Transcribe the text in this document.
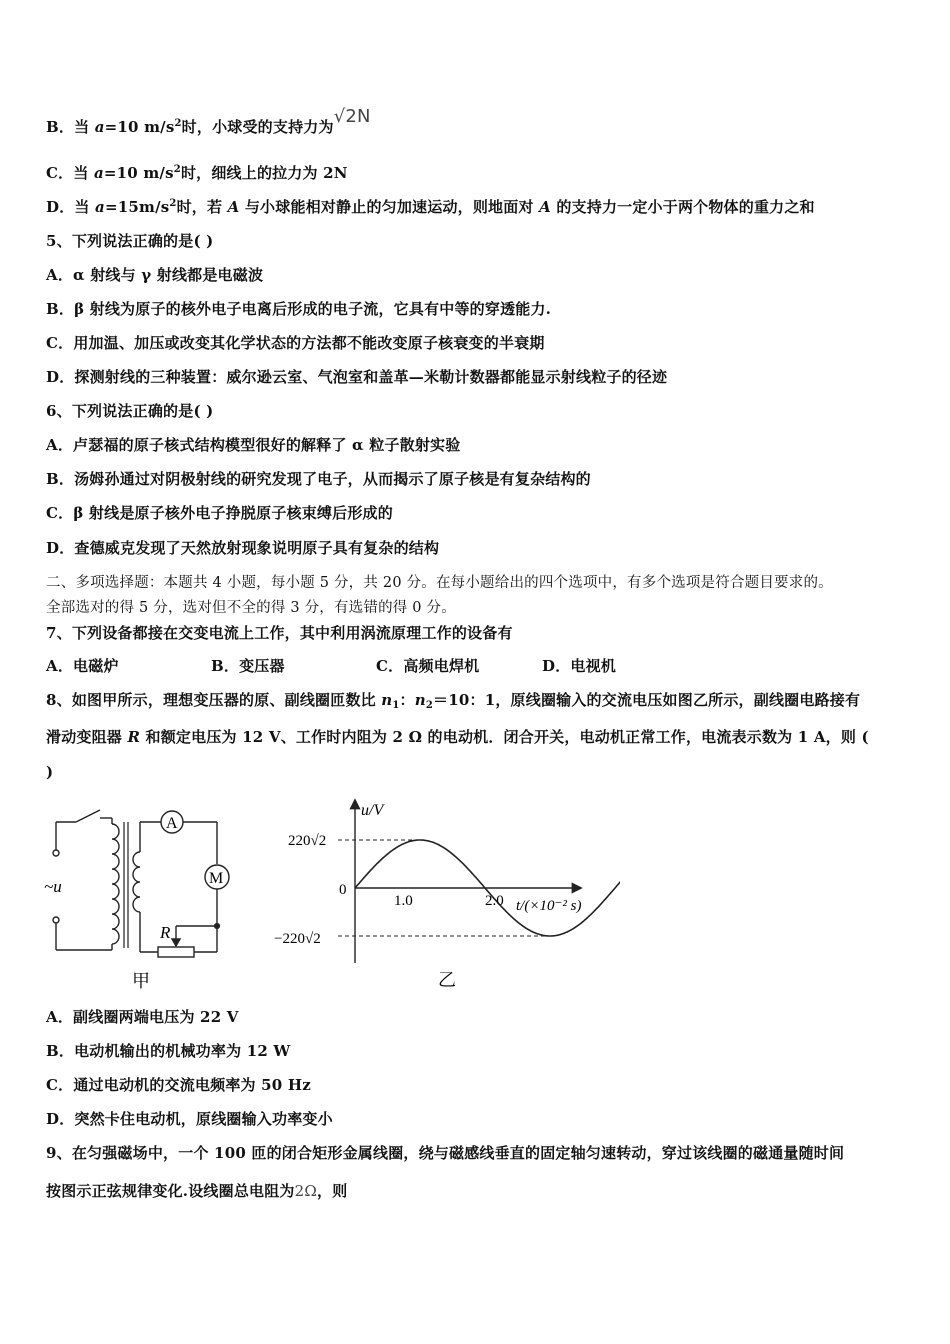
B．当 a=10 $m/s^2$时，小球受的支持力为√2N
C．当 a=10 $m/s^2$时，细线上的拉力为 2N
D．当 $a=15m/s^2$时，若 A 与小球能相对静止的匀加速运动，则地面对 A 的支持力一定小于两个物体的重力之和
5、下列说法正确的是( )
A．α 射线与 γ 射线都是电磁波
B．β 射线为原子的核外电子电离后形成的电子流，它具有中等的穿透能力.
C．用加温、加压或改变其化学状态的方法都不能改变原子核衰变的半衰期
D．探测射线的三种装置：威尔逊云室、气泡室和盖革—米勒计数器都能显示射线粒子的径迹
6、下列说法正确的是( )
A．卢瑟福的原子核式结构模型很好的解释了 α 粒子散射实验
B．汤姆孙通过对阴极射线的研究发现了电子，从而揭示了原子核是有复杂结构的
C．β 射线是原子核外电子挣脱原子核束缚后形成的
D．查德威克发现了天然放射现象说明原子具有复杂的结构
二、多项选择题：本题共 4 小题，每小题 5 分，共 20 分。在每小题给出的四个选项中，有多个选项是符合题目要求的。
全部选对的得 5 分，选对但不全的得 3 分，有选错的得 0 分。
7、下列设备都接在交变电流上工作，其中利用涡流原理工作的设备有
A．电磁炉	B．变压器	C．高频电焊机	D．电视机
8、如图甲所示，理想变压器的原、副线圈匝数比 $n_1$：$n_2=10$：1，原线圈输入的交流电压如图乙所示，副线圈电路接有
滑动变阻器 R 和额定电压为 12 V、工作时内阻为 2 Ω 的电动机．闭合开关，电动机正常工作，电流表示数为 1 A，则 (
)
~u
A
M
R
甲
u/V
220√2
0
−220√2
1.0	2.0 t/(×10⁻² s)
乙
A．副线圈两端电压为 22 V
B．电动机输出的机械功率为 12 W
C．通过电动机的交流电频率为 50 Hz
D．突然卡住电动机，原线圈输入功率变小
9、在匀强磁场中，一个 100 匝的闭合矩形金属线圈，绕与磁感线垂直的固定轴匀速转动，穿过该线圈的磁通量随时间
按图示正弦规律变化.设线圈总电阻为2Ω，则
